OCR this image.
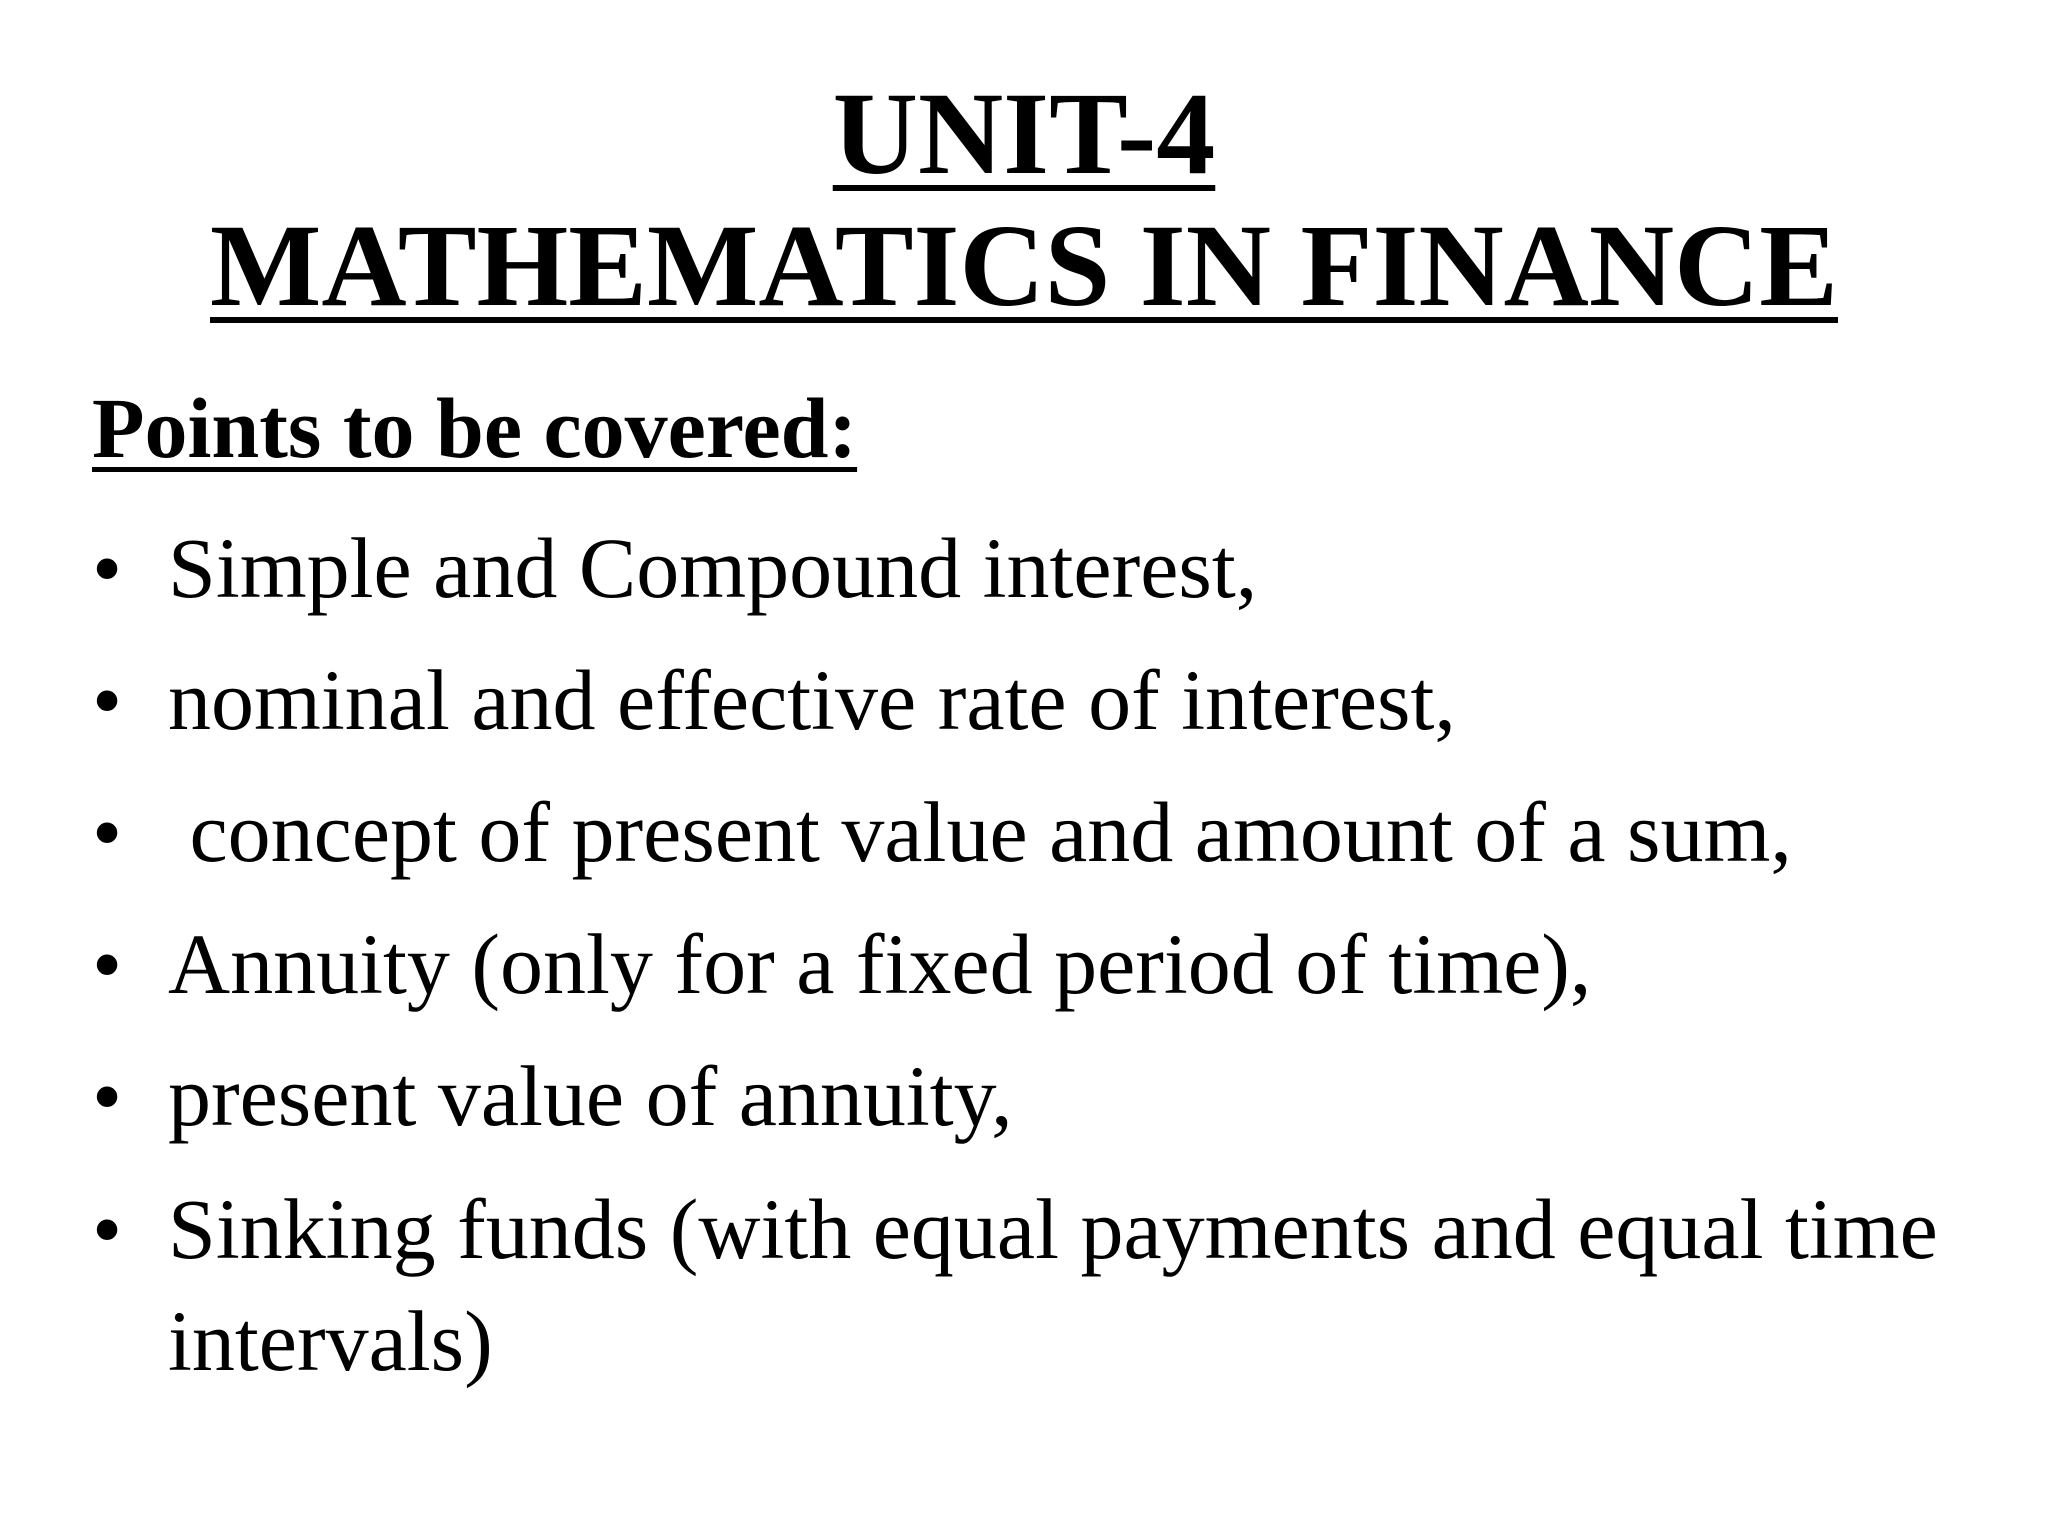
UNIT-4
MATHEMATICS IN FINANCE
Points to be covered:
• Simple and Compound interest,
• nominal and effective rate of interest,
• concept of present value and amount of a sum,
• Annuity (only for a fixed period of time),
• present value of annuity,
• Sinking funds (with equal payments and equal time intervals)
